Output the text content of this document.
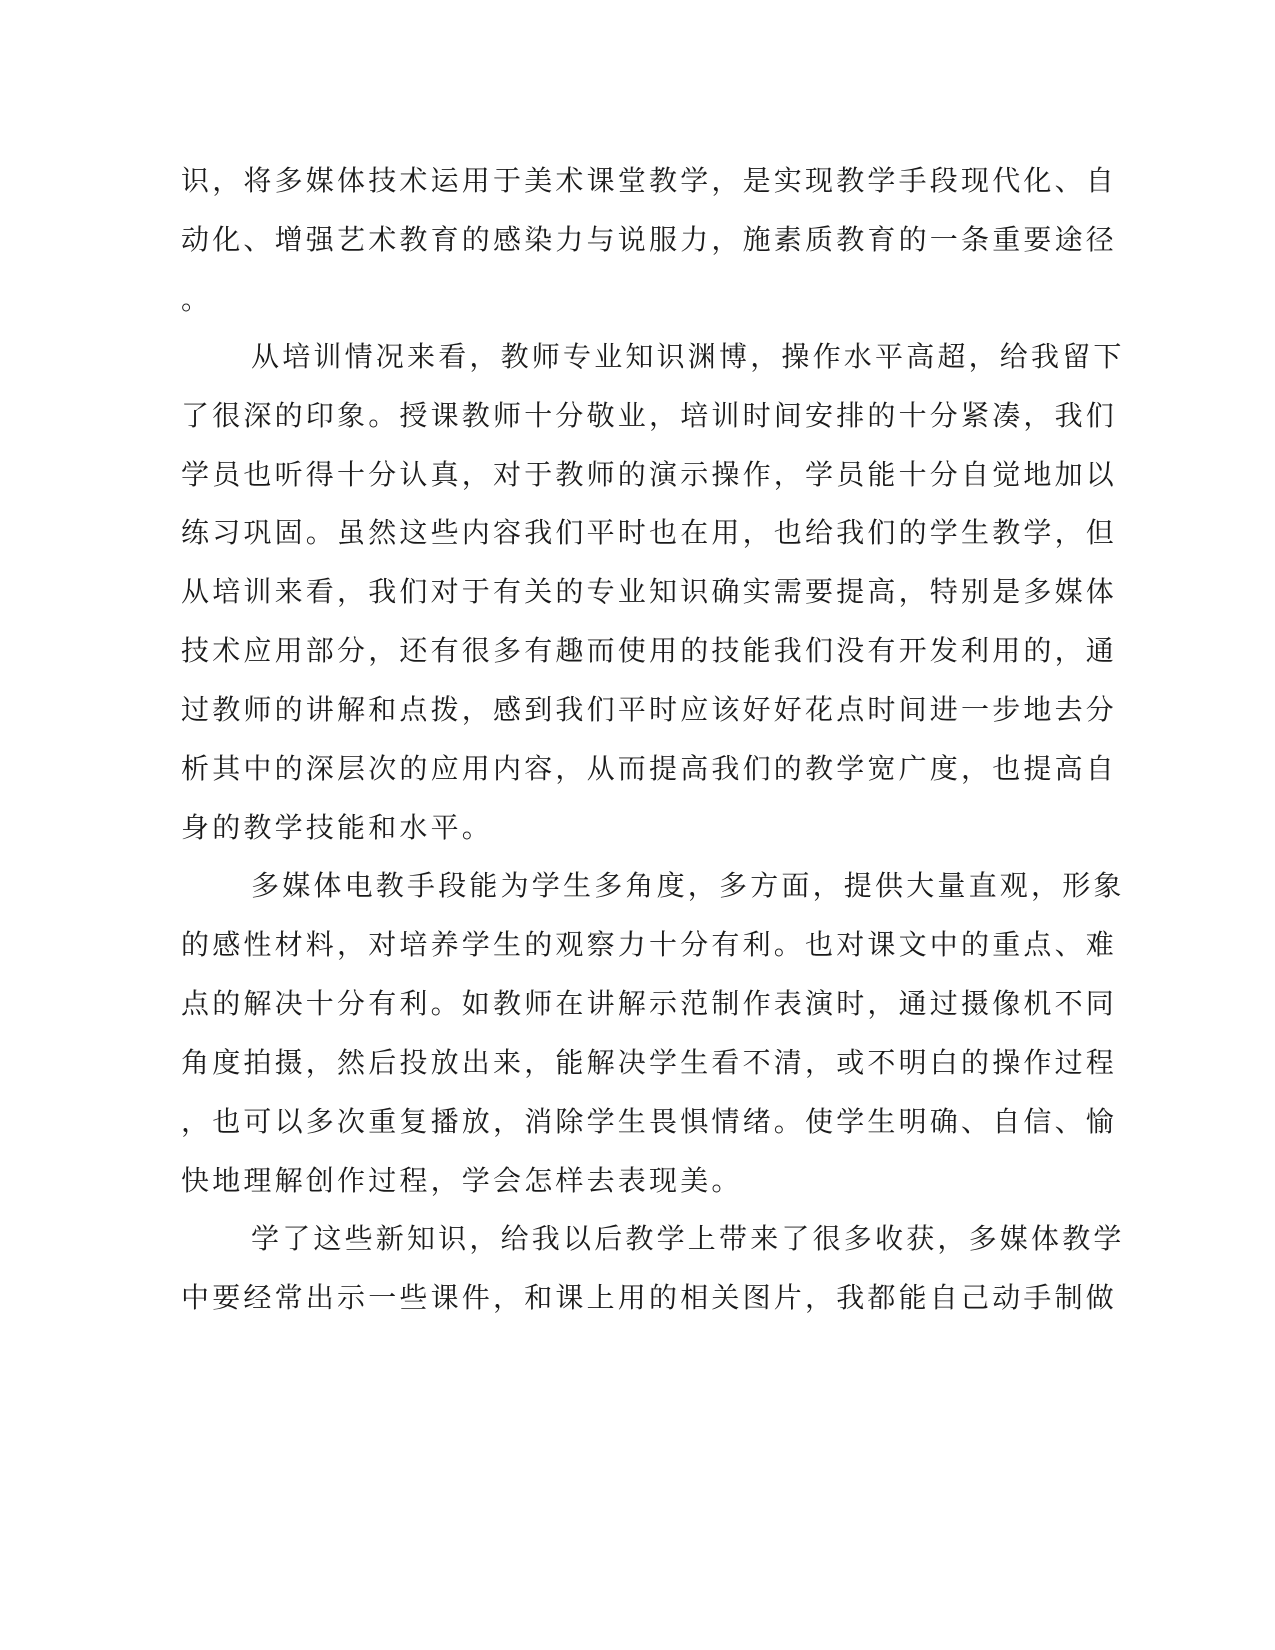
识，将多媒体技术运用于美术课堂教学，是实现教学手段现代化、自
动化、增强艺术教育的感染力与说服力，施素质教育的一条重要途径
。
从培训情况来看，教师专业知识渊博，操作水平高超，给我留下
了很深的印象。授课教师十分敬业，培训时间安排的十分紧凑，我们
学员也听得十分认真，对于教师的演示操作，学员能十分自觉地加以
练习巩固。虽然这些内容我们平时也在用，也给我们的学生教学，但
从培训来看，我们对于有关的专业知识确实需要提高，特别是多媒体
技术应用部分，还有很多有趣而使用的技能我们没有开发利用的，通
过教师的讲解和点拨，感到我们平时应该好好花点时间进一步地去分
析其中的深层次的应用内容，从而提高我们的教学宽广度，也提高自
身的教学技能和水平。
多媒体电教手段能为学生多角度，多方面，提供大量直观，形象
的感性材料，对培养学生的观察力十分有利。也对课文中的重点、难
点的解决十分有利。如教师在讲解示范制作表演时，通过摄像机不同
角度拍摄，然后投放出来，能解决学生看不清，或不明白的操作过程
，也可以多次重复播放，消除学生畏惧情绪。使学生明确、自信、愉
快地理解创作过程，学会怎样去表现美。
学了这些新知识，给我以后教学上带来了很多收获，多媒体教学
中要经常出示一些课件，和课上用的相关图片，我都能自己动手制做
